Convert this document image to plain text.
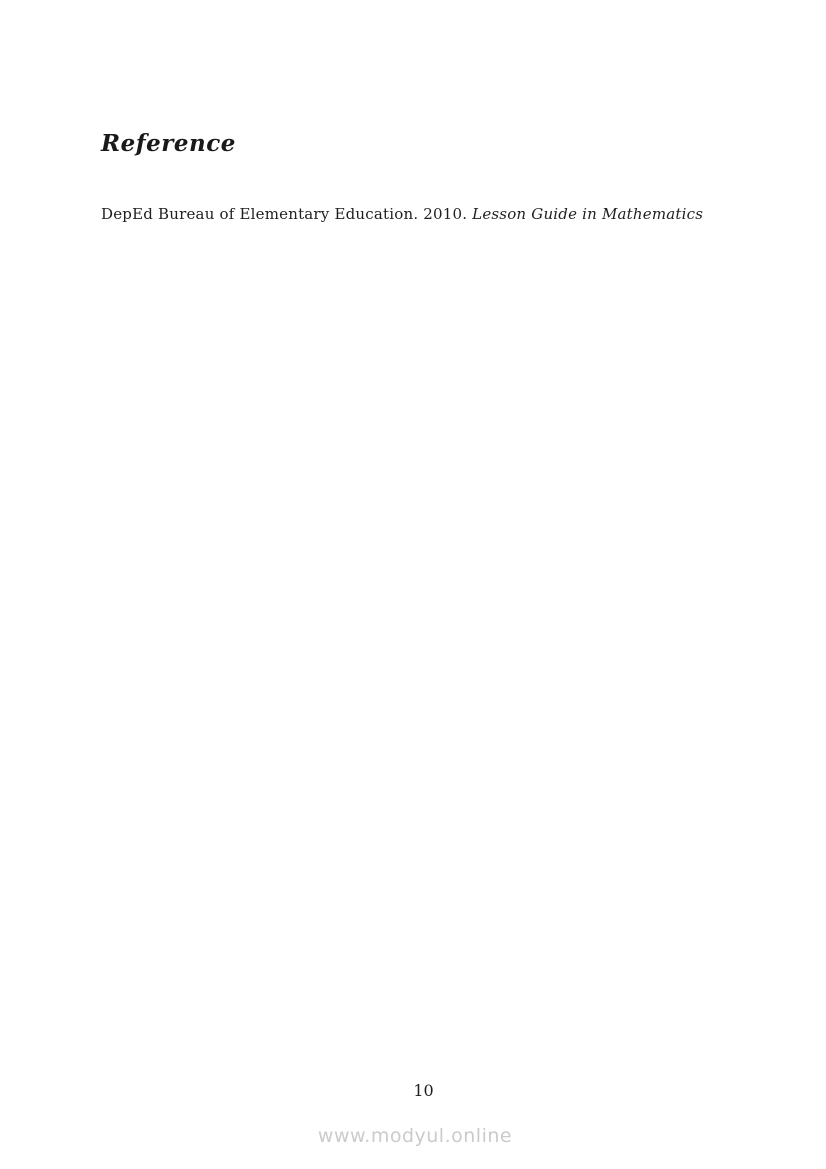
Reference

DepEd Bureau of Elementary Education. 2010. Lesson Guide in Mathematics

10
www.modyul.online
